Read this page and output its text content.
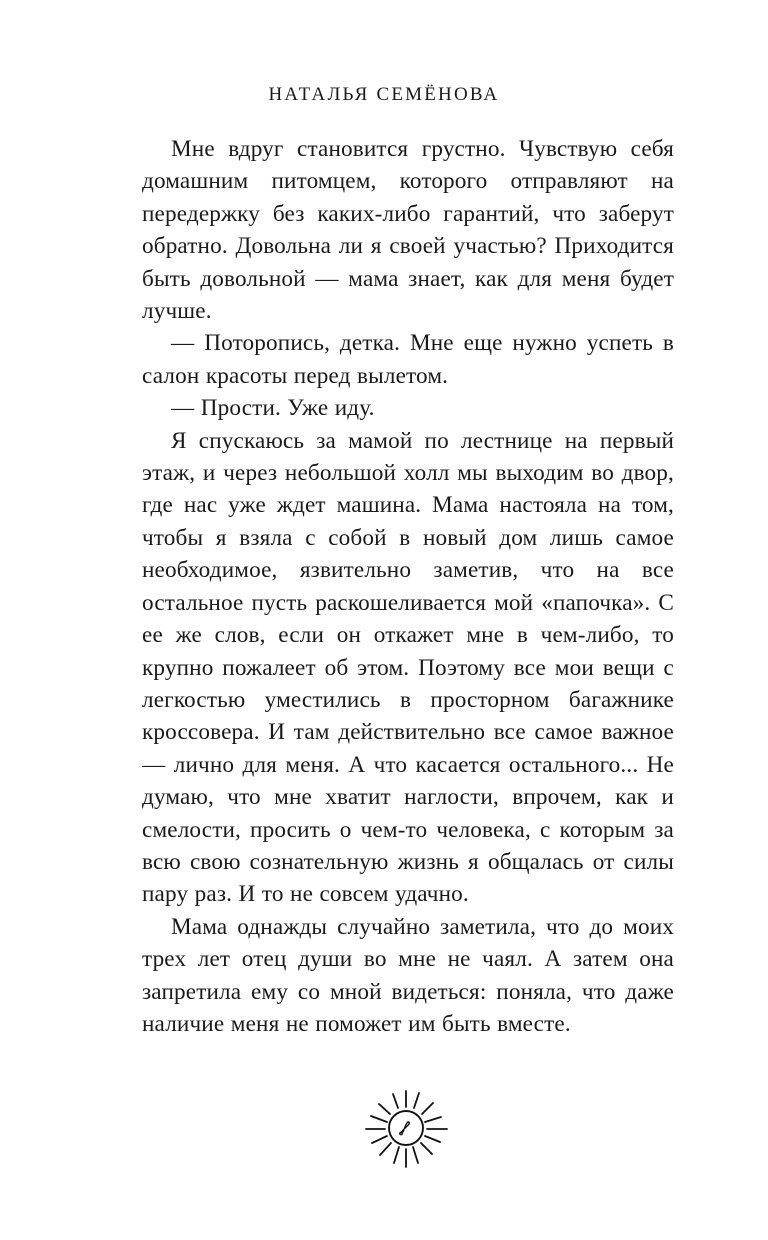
НАТАЛЬЯ СЕМЁНОВА

Мне вдруг становится грустно. Чувствую себя домашним питомцем, которого отправляют на передержку без каких-либо гарантий, что заберут обратно. Довольна ли я своей участью? Приходится быть довольной — мама знает, как для меня будет лучше.

— Поторопись, детка. Мне еще нужно успеть в салон красоты перед вылетом.

— Прости. Уже иду.

Я спускаюсь за мамой по лестнице на первый этаж, и через небольшой холл мы выходим во двор, где нас уже ждет машина. Мама настояла на том, чтобы я взяла с собой в новый дом лишь самое необходимое, язвительно заметив, что на все остальное пусть раскошеливается мой «папочка». С ее же слов, если он откажет мне в чем-либо, то крупно пожалеет об этом. Поэтому все мои вещи с легкостью уместились в просторном багажнике кроссовера. И там действительно все самое важное — лично для меня. А что касается остального... Не думаю, что мне хватит наглости, впрочем, как и смелости, просить о чем-то человека, с которым за всю свою сознательную жизнь я общалась от силы пару раз. И то не совсем удачно.

Мама однажды случайно заметила, что до моих трех лет отец души во мне не чаял. А затем она запретила ему со мной видеться: поняла, что даже наличие меня не поможет им быть вместе.
